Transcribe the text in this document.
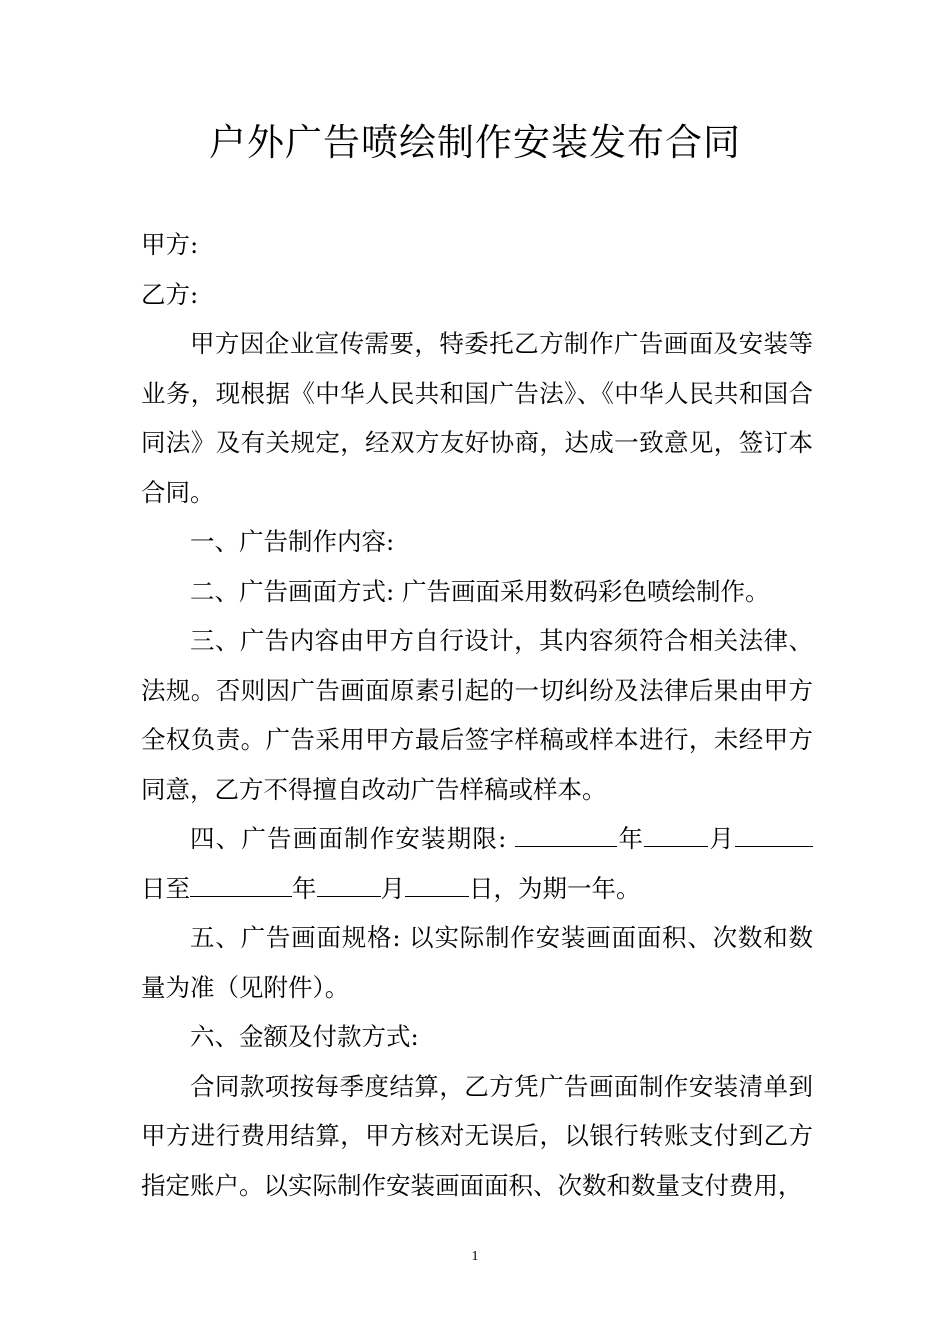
户外广告喷绘制作安装发布合同

甲方:

乙方:

甲方因企业宣传需要，特委托乙方制作广告画面及安装等业务，现根据《中华人民共和国广告法》、《中华人民共和国合同法》及有关规定，经双方友好协商，达成一致意见，签订本合同。

一、广告制作内容:

二、广告画面方式: 广告画面采用数码彩色喷绘制作。

三、广告内容由甲方自行设计，其内容须符合相关法律、法规。否则因广告画面原素引起的一切纠纷及法律后果由甲方全权负责。广告采用甲方最后签字样稿或样本进行，未经甲方同意，乙方不得擅自改动广告样稿或样本。

四、广告画面制作安装期限:	年	月日至	年	月	日，为期一年。

五、广告画面规格: 以实际制作安装画面面积、次数和数量为准（见附件）。

六、金额及付款方式:

合同款项按每季度结算，乙方凭广告画面制作安装清单到甲方进行费用结算，甲方核对无误后，以银行转账支付到乙方指定账户。以实际制作安装画面面积、次数和数量支付费用，

1
